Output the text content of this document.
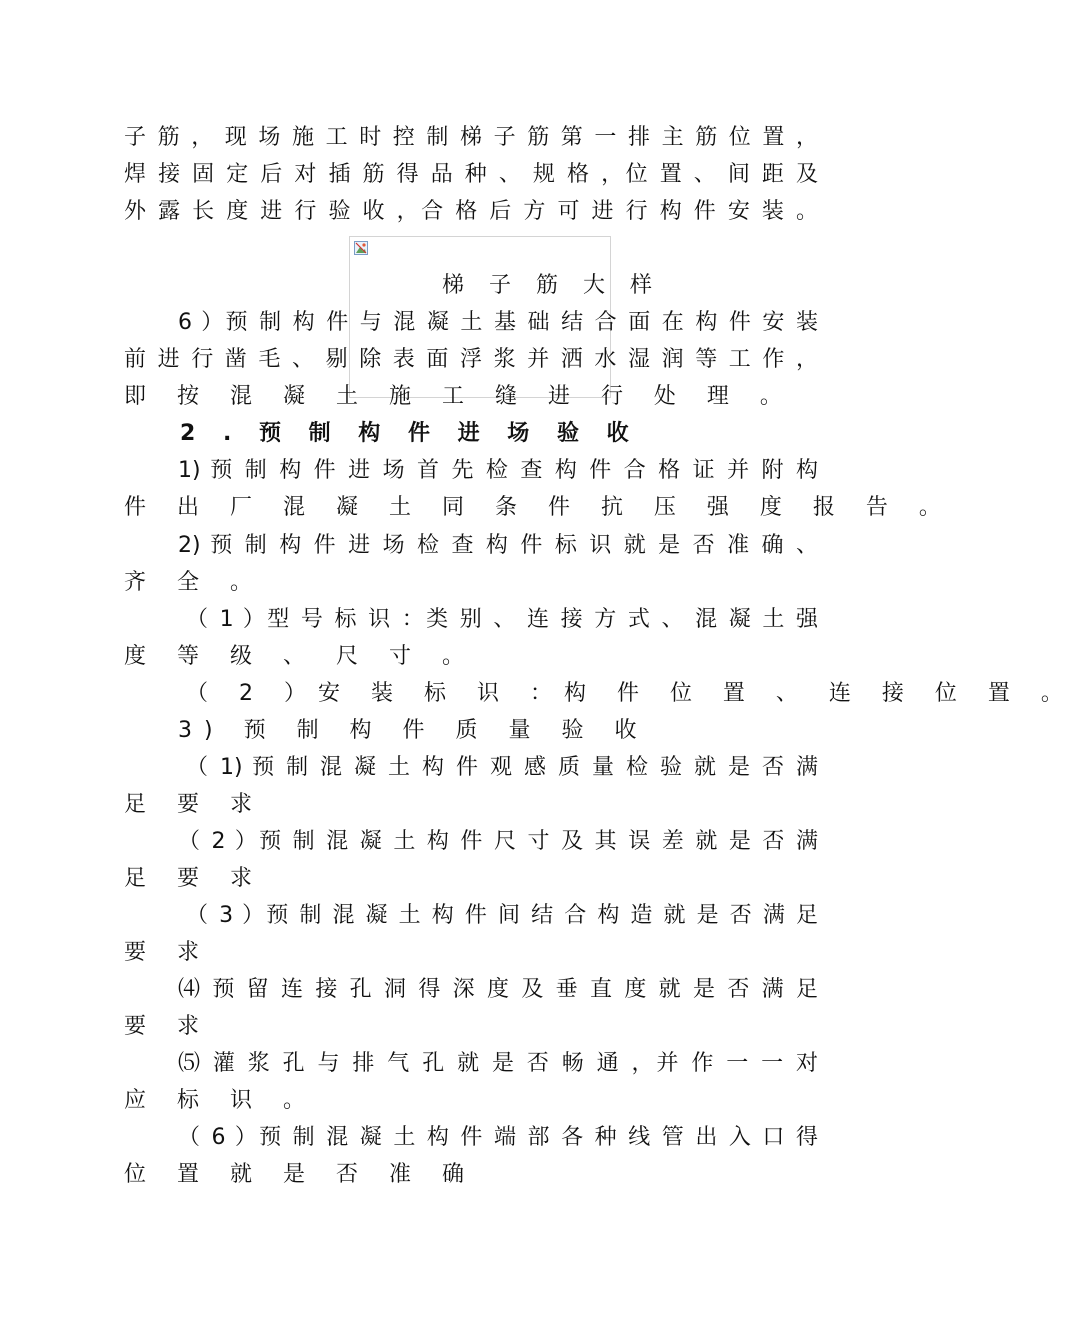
子 筋 ， 现 场 施 工 时 控 制 梯 子 筋 第 一 排 主 筋 位 置 ，
焊 接 固 定 后 对 插 筋 得 品 种 、 规 格 ，位 置 、 间 距 及
外 露 长 度 进 行 验 收 ，合 格 后 方 可 进 行 构 件 安 装 。
梯 子 筋 大 样
6 ）预 制 构 件 与 混 凝 土 基 础 结 合 面 在 构 件 安 装
前 进 行 凿 毛 、 剔 除 表 面 浮 浆 并 洒 水 湿 润 等 工 作 ，
即 按 混 凝 土 施 工 缝 进 行 处 理 。
2 . 预 制 构 件 进 场 验 收
1) 预 制 构 件 进 场 首 先 检 查 构 件 合 格 证 并 附 构
件 出 厂 混 凝 土 同 条 件 抗 压 强 度 报 告 。
2) 预 制 构 件 进 场 检 查 构 件 标 识 就 是 否 准 确 、
齐 全 。
（ 1 ）型 号 标 识 ：类 别 、 连 接 方 式 、 混 凝 土 强
度 等 级 、 尺 寸 。
（ 2 ）安 装 标 识 ：构 件 位 置 、 连 接 位 置 。
3) 预 制 构 件 质 量 验 收
（ 1) 预 制 混 凝 土 构 件 观 感 质 量 检 验 就 是 否 满
足 要 求
（ 2 ）预 制 混 凝 土 构 件 尺 寸 及 其 误 差 就 是 否 满
足 要 求
（ 3 ）预 制 混 凝 土 构 件 间 结 合 构 造 就 是 否 满 足
要 求
⑷ 预 留 连 接 孔 洞 得 深 度 及 垂 直 度 就 是 否 满 足
要 求
⑸ 灌 浆 孔 与 排 气 孔 就 是 否 畅 通 ，并 作 一 一 对
应 标 识 。
（ 6 ）预 制 混 凝 土 构 件 端 部 各 种 线 管 出 入 口 得
位 置 就 是 否 准 确
